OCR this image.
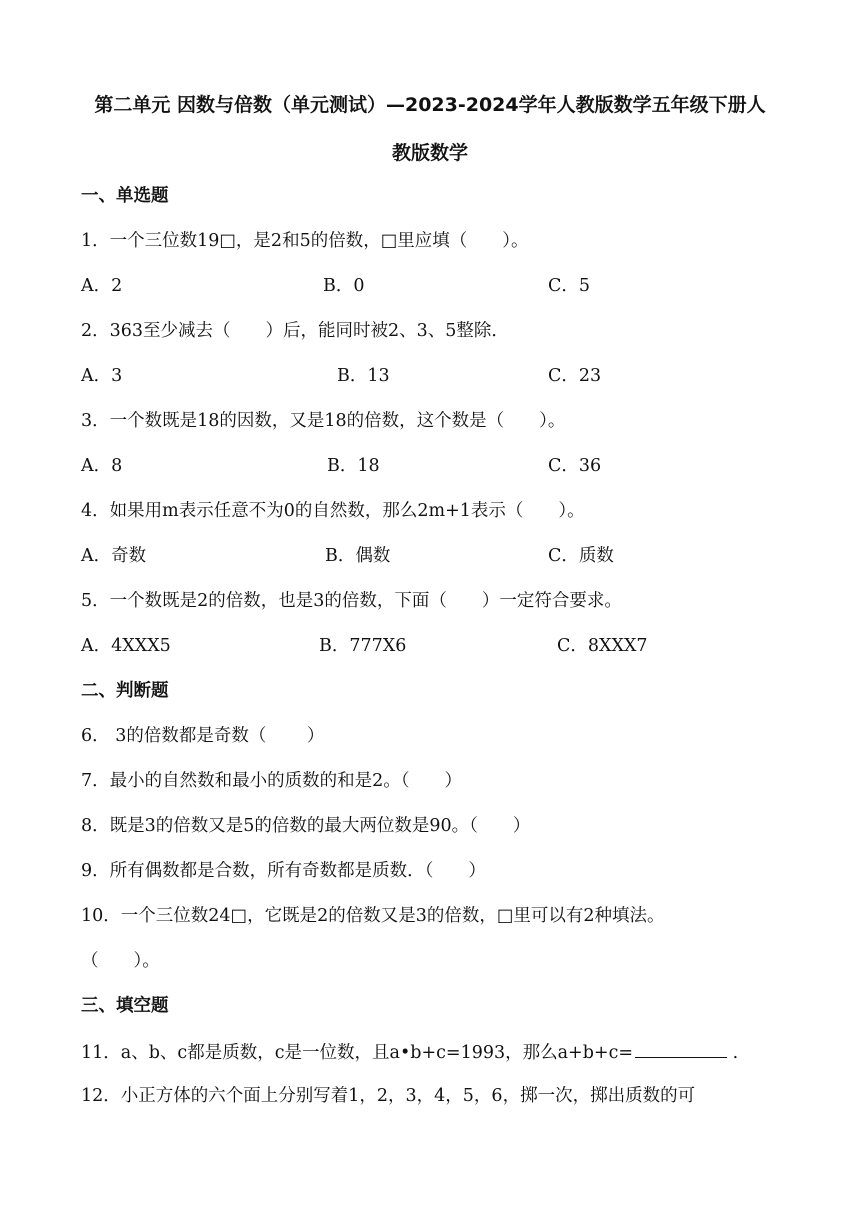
第二单元 因数与倍数（单元测试）—2023-2024学年人教版数学五年级下册人
教版数学
一、单选题
1．一个三位数19□，是2和5的倍数，□里应填（　　）。
A．2	B．0	C．5
2．363至少减去（　　）后，能同时被2、3、5整除．
A．3	B．13	C．23
3．一个数既是18的因数，又是18的倍数，这个数是（　　）。
A．8	B．18	C．36
4．如果用m表示任意不为0的自然数，那么2m+1表示（　　）。
A．奇数	B．偶数	C．质数
5．一个数既是2的倍数，也是3的倍数，下面（　　）一定符合要求。
A．4XXX5	B．777X6	C．8XXX7
二、判断题
6． 3的倍数都是奇数（　　 ）
7．最小的自然数和最小的质数的和是2。（　　）
8．既是3的倍数又是5的倍数的最大两位数是90。（　　）
9．所有偶数都是合数，所有奇数都是质数．（　　）
10．一个三位数24□，它既是2的倍数又是3的倍数，□里可以有2种填法。
（　　）。
三、填空题
11．a、b、c都是质数，c是一位数，且a•b+c=1993，那么a+b+c=	.
12．小正方体的六个面上分别写着1，2，3，4，5，6，掷一次，掷出质数的可
